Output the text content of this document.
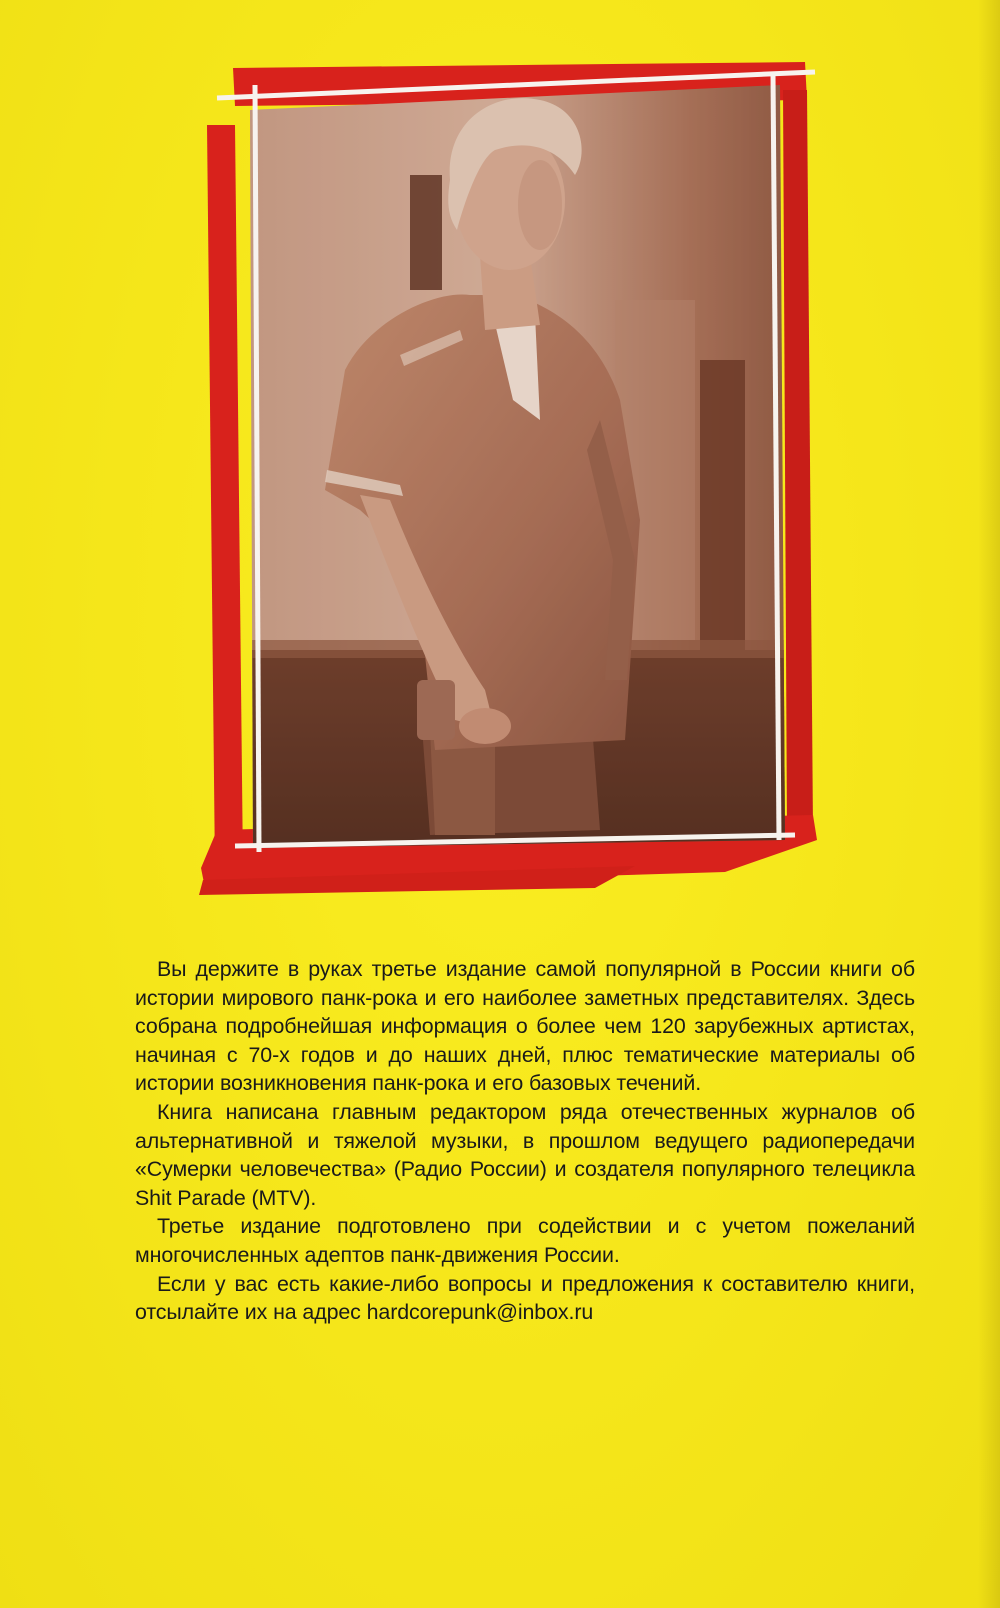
Вы держите в руках третье издание самой популярной в России книги об истории мирового панк-рока и его наиболее заметных представителях. Здесь собрана подробнейшая информация о более чем 120 зарубежных артистах, начиная с 70-х годов и до наших дней, плюс тематические материалы об истории возникновения панк-рока и его базовых течений.

Книга написана главным редактором ряда отечественных журналов об альтернативной и тяжелой музыки, в прошлом ведущего радиопередачи «Сумерки человечества» (Радио России) и создателя популярного телецикла Shit Parade (MTV).

Третье издание подготовлено при содействии и с учетом пожеланий многочисленных адептов панк-движения России.

Если у вас есть какие-либо вопросы и предложения к составителю книги, отсылайте их на адрес hardcorepunk@inbox.ru
